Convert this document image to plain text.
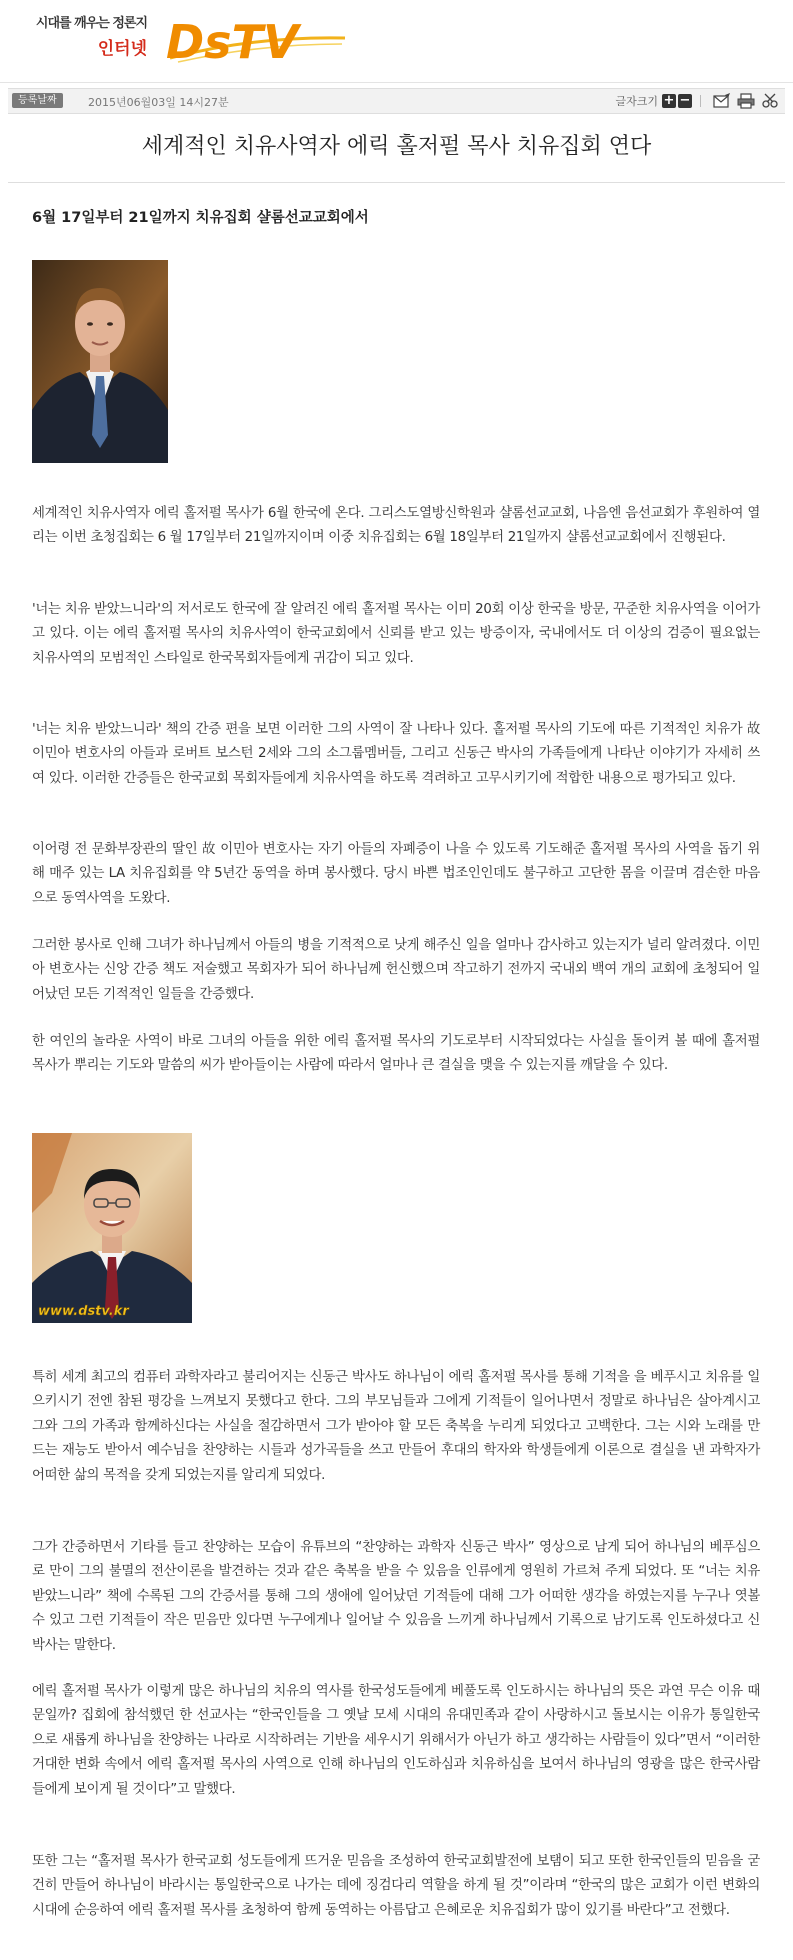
시대를 깨우는 정론지
인터넷 DsTV
등록날짜	2015년06월03일 14시27분	글자크기 + −
세계적인 치유사역자 에릭 홀저펄 목사 치유집회 연다
6월 17일부터 21일까지 치유집회 샬롬선교교회에서

세계적인 치유사역자 에릭 홀저펄 목사가 6월 한국에 온다. 그리스도열방신학원과 샬롬선교교회, 나음엔 음선교회가 후원하여 열리는 이번 초청집회는 6 월 17일부터 21일까지이며 이중 치유집회는 6월 18일부터 21일까지 샬롬선교교회에서 진행된다.

'너는 치유 받았느니라'의 저서로도 한국에 잘 알려진 에릭 홀저펄 목사는 이미 20회 이상 한국을 방문, 꾸준한 치유사역을 이어가고 있다. 이는 에릭 홀저펄 목사의 치유사역이 한국교회에서 신뢰를 받고 있는 방증이자, 국내에서도 더 이상의 검증이 필요없는 치유사역의 모범적인 스타일로 한국목회자들에게 귀감이 되고 있다.

'너는 치유 받았느니라' 책의 간증 편을 보면 이러한 그의 사역이 잘 나타나 있다. 홀저펄 목사의 기도에 따른 기적적인 치유가 故 이민아 변호사의 아들과 로버트 보스턴 2세와 그의 소그룹멤버들, 그리고 신동근 박사의 가족들에게 나타난 이야기가 자세히 쓰여 있다. 이러한 간증들은 한국교회 목회자들에게 치유사역을 하도록 격려하고 고무시키기에 적합한 내용으로 평가되고 있다.

이어령 전 문화부장관의 딸인 故 이민아 변호사는 자기 아들의 자폐증이 나을 수 있도록 기도해준 홀저펄 목사의 사역을 돕기 위해 매주 있는 LA 치유집회를 약 5년간 동역을 하며 봉사했다. 당시 바쁜 법조인인데도 불구하고 고단한 몸을 이끌며 겸손한 마음으로 동역사역을 도왔다.

그러한 봉사로 인해 그녀가 하나님께서 아들의 병을 기적적으로 낫게 해주신 일을 얼마나 감사하고 있는지가 널리 알려졌다. 이민아 변호사는 신앙 간증 책도 저술했고 목회자가 되어 하나님께 헌신했으며 작고하기 전까지 국내외 백여 개의 교회에 초청되어 일어났던 모든 기적적인 일들을 간증했다.

한 여인의 놀라운 사역이 바로 그녀의 아들을 위한 에릭 홀저펄 목사의 기도로부터 시작되었다는 사실을 돌이켜 볼 때에 홀저펄 목사가 뿌리는 기도와 말씀의 씨가 받아들이는 사람에 따라서 얼마나 큰 결실을 맺을 수 있는지를 깨달을 수 있다.

www.dstv.kr

특히 세계 최고의 컴퓨터 과학자라고 불리어지는 신동근 박사도 하나님이 에릭 홀저펄 목사를 통해 기적을 을 베푸시고 치유를 일으키시기 전엔 참된 평강을 느껴보지 못했다고 한다. 그의 부모님들과 그에게 기적들이 일어나면서 정말로 하나님은 살아계시고 그와 그의 가족과 함께하신다는 사실을 절감하면서 그가 받아야 할 모든 축복을 누리게 되었다고 고백한다. 그는 시와 노래를 만드는 재능도 받아서 예수님을 찬양하는 시들과 성가곡들을 쓰고 만들어 후대의 학자와 학생들에게 이론으로 결실을 낸 과학자가 어떠한 삶의 목적을 갖게 되었는지를 알리게 되었다.

그가 간증하면서 기타를 들고 찬양하는 모습이 유튜브의 “찬양하는 과학자 신동근 박사” 영상으로 남게 되어 하나님의 베푸심으로 만이 그의 불멸의 전산이론을 발견하는 것과 같은 축복을 받을 수 있음을 인류에게 영원히 가르쳐 주게 되었다. 또 “너는 치유 받았느니라” 책에 수록된 그의 간증서를 통해 그의 생애에 일어났던 기적들에 대해 그가 어떠한 생각을 하였는지를 누구나 엿볼 수 있고 그런 기적들이 작은 믿음만 있다면 누구에게나 일어날 수 있음을 느끼게 하나님께서 기록으로 남기도록 인도하셨다고 신박사는 말한다.

에릭 홀저펄 목사가 이렇게 많은 하나님의 치유의 역사를 한국성도들에게 베풀도록 인도하시는 하나님의 뜻은 과연 무슨 이유 때문일까? 집회에 참석했던 한 선교사는 “한국인들을 그 옛날 모세 시대의 유대민족과 같이 사랑하시고 돌보시는 이유가 통일한국으로 새롭게 하나님을 찬양하는 나라로 시작하려는 기반을 세우시기 위해서가 아닌가 하고 생각하는 사람들이 있다”면서 “이러한 거대한 변화 속에서 에릭 홀저펄 목사의 사역으로 인해 하나님의 인도하심과 치유하심을 보여서 하나님의 영광을 많은 한국사람들에게 보이게 될 것이다”고 말했다.

또한 그는 “홀저펄 목사가 한국교회 성도들에게 뜨거운 믿음을 조성하여 한국교회발전에 보탬이 되고 또한 한국인들의 믿음을 굳건히 만들어 하나님이 바라시는 통일한국으로 나가는 데에 징검다리 역할을 하게 될 것”이라며 “한국의 많은 교회가 이런 변화의 시대에 순응하여 에릭 홀저펄 목사를 초청하여 함께 동역하는 아름답고 은혜로운 치유집회가 많이 있기를 바란다”고 전했다.
